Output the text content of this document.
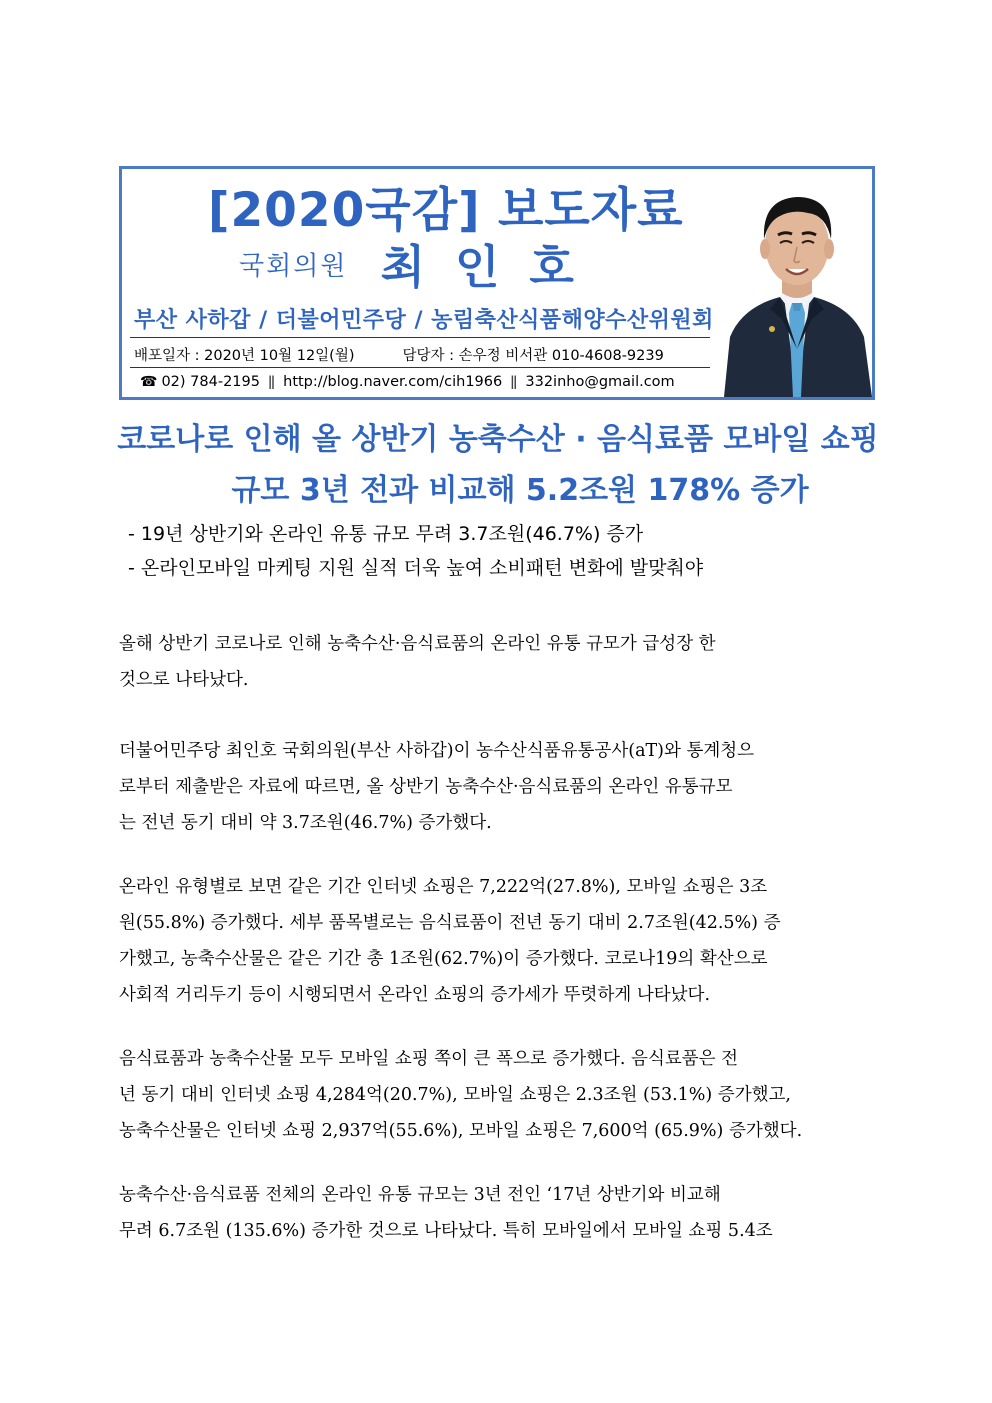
[2020국감] 보도자료
국회의원 최인호
부산 사하갑 / 더불어민주당 / 농림축산식품해양수산위원회
배포일자 : 2020년 10월 12일(월)	담당자 : 손우정 비서관 010-4608-9239
☎ 02) 784-2195 ǁ http://blog.naver.com/cih1966 ǁ 332inho@gmail.com
코로나로 인해 올 상반기 농축수산 · 음식료품 모바일 쇼핑
규모 3년 전과 비교해 5.2조원 178% 증가
- 19년 상반기와 온라인 유통 규모 무려 3.7조원(46.7%) 증가
- 온라인모바일 마케팅 지원 실적 더욱 높여 소비패턴 변화에 발맞춰야
올해 상반기 코로나로 인해 농축수산·음식료품의 온라인 유통 규모가 급성장 한
것으로 나타났다.
더불어민주당 최인호 국회의원(부산 사하갑)이 농수산식품유통공사(aT)와 통계청으
로부터 제출받은 자료에 따르면, 올 상반기 농축수산·음식료품의 온라인 유통규모
는 전년 동기 대비 약 3.7조원(46.7%) 증가했다.
온라인 유형별로 보면 같은 기간 인터넷 쇼핑은 7,222억(27.8%), 모바일 쇼핑은 3조
원(55.8%) 증가했다. 세부 품목별로는 음식료품이 전년 동기 대비 2.7조원(42.5%) 증
가했고, 농축수산물은 같은 기간 총 1조원(62.7%)이 증가했다. 코로나19의 확산으로
사회적 거리두기 등이 시행되면서 온라인 쇼핑의 증가세가 뚜렷하게 나타났다.
음식료품과 농축수산물 모두 모바일 쇼핑 쪽이 큰 폭으로 증가했다. 음식료품은 전
년 동기 대비 인터넷 쇼핑 4,284억(20.7%), 모바일 쇼핑은 2.3조원 (53.1%) 증가했고,
농축수산물은 인터넷 쇼핑 2,937억(55.6%), 모바일 쇼핑은 7,600억 (65.9%) 증가했다.
농축수산·음식료품 전체의 온라인 유통 규모는 3년 전인 ‘17년 상반기와 비교해
무려 6.7조원 (135.6%) 증가한 것으로 나타났다. 특히 모바일에서 모바일 쇼핑 5.4조
